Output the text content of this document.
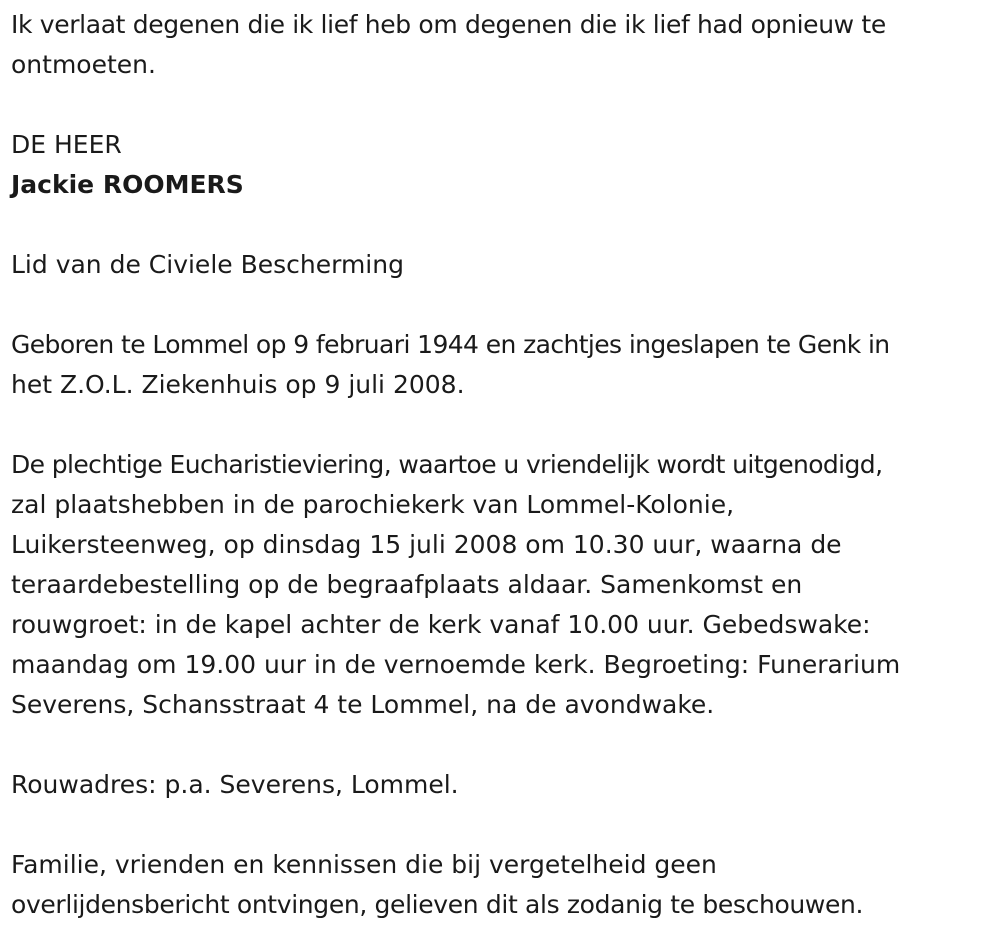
Ik verlaat degenen die ik lief heb om degenen die ik lief had opnieuw te
ontmoeten.

DE HEER

Jackie ROOMERS

Lid van de Civiele Bescherming

Geboren te Lommel op 9 februari 1944 en zachtjes ingeslapen te Genk in
het Z.O.L. Ziekenhuis op 9 juli 2008.

De plechtige Eucharistieviering, waartoe u vriendelijk wordt uitgenodigd,
zal plaatshebben in de parochiekerk van Lommel-Kolonie,
Luikersteenweg, op dinsdag 15 juli 2008 om 10.30 uur, waarna de
teraardebestelling op de begraafplaats aldaar. Samenkomst en
rouwgroet: in de kapel achter de kerk vanaf 10.00 uur. Gebedswake:
maandag om 19.00 uur in de vernoemde kerk. Begroeting: Funerarium
Severens, Schansstraat 4 te Lommel, na de avondwake.

Rouwadres: p.a. Severens, Lommel.

Familie, vrienden en kennissen die bij vergetelheid geen
overlijdensbericht ontvingen, gelieven dit als zodanig te beschouwen.
